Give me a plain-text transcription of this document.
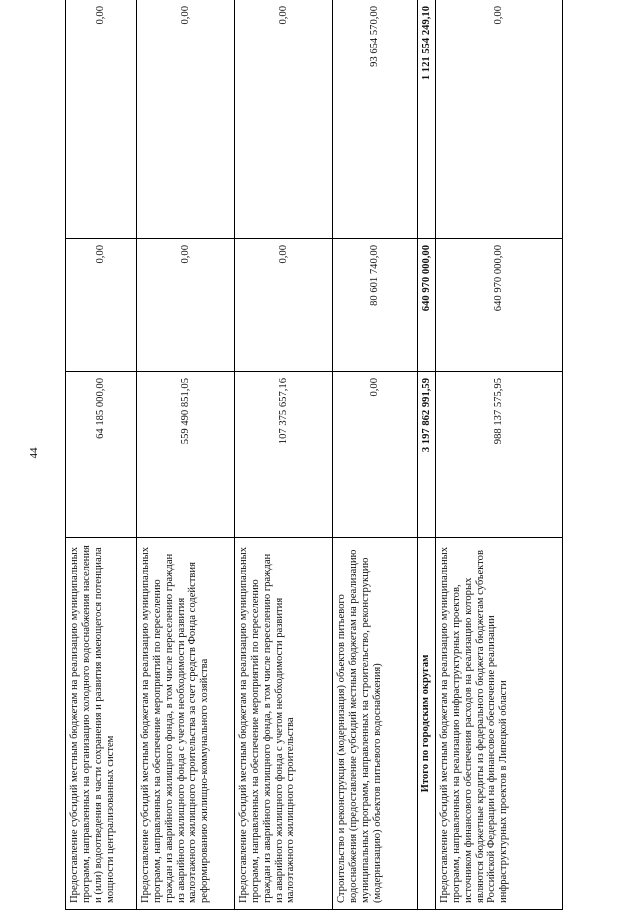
44
Предоставление субсидий местным бюджетам на реализацию муниципальных программ, направленных на организацию холодного водоснабжения населения и (или) водоотведения в части сохранения и развития имеющегося потенциала мощности централизованных систем	64 185 000,00	0,00	0,00
Предоставление субсидий местным бюджетам на реализацию муниципальных программ, направленных на обеспечение мероприятий по переселению граждан из аварийного жилищного фонда, в том числе переселению граждан из аварийного жилищного фонда с учетом необходимости развития малоэтажного жилищного строительства за счет средств Фонда содействия реформированию жилищно-коммунального хозяйства	559 490 851,05	0,00	0,00
Предоставление субсидий местным бюджетам на реализацию муниципальных программ, направленных на обеспечение мероприятий по переселению граждан из аварийного жилищного фонда, в том числе переселению граждан из аварийного жилищного фонда с учетом необходимости развития малоэтажного жилищного строительства	107 375 657,16	0,00	0,00
Строительство и реконструкция (модернизация) объектов питьевого водоснабжения (предоставление субсидий местным бюджетам на реализацию муниципальных программ, направленных на строительство, реконструкцию (модернизацию) объектов питьевого водоснабжения)	0,00	80 601 740,00	93 654 570,00
Итого по городским округам	3 197 862 991,59	640 970 000,00	1 121 554 249,10
Предоставление субсидий местным бюджетам на реализацию муниципальных программ, направленных на реализацию инфраструктурных проектов, источником финансового обеспечения расходов на реализацию которых являются бюджетные кредиты из федерального бюджета бюджетам субъектов Российской Федерации на финансовое обеспечение реализации инфраструктурных проектов в Липецкой области	988 137 575,95	640 970 000,00	0,00
